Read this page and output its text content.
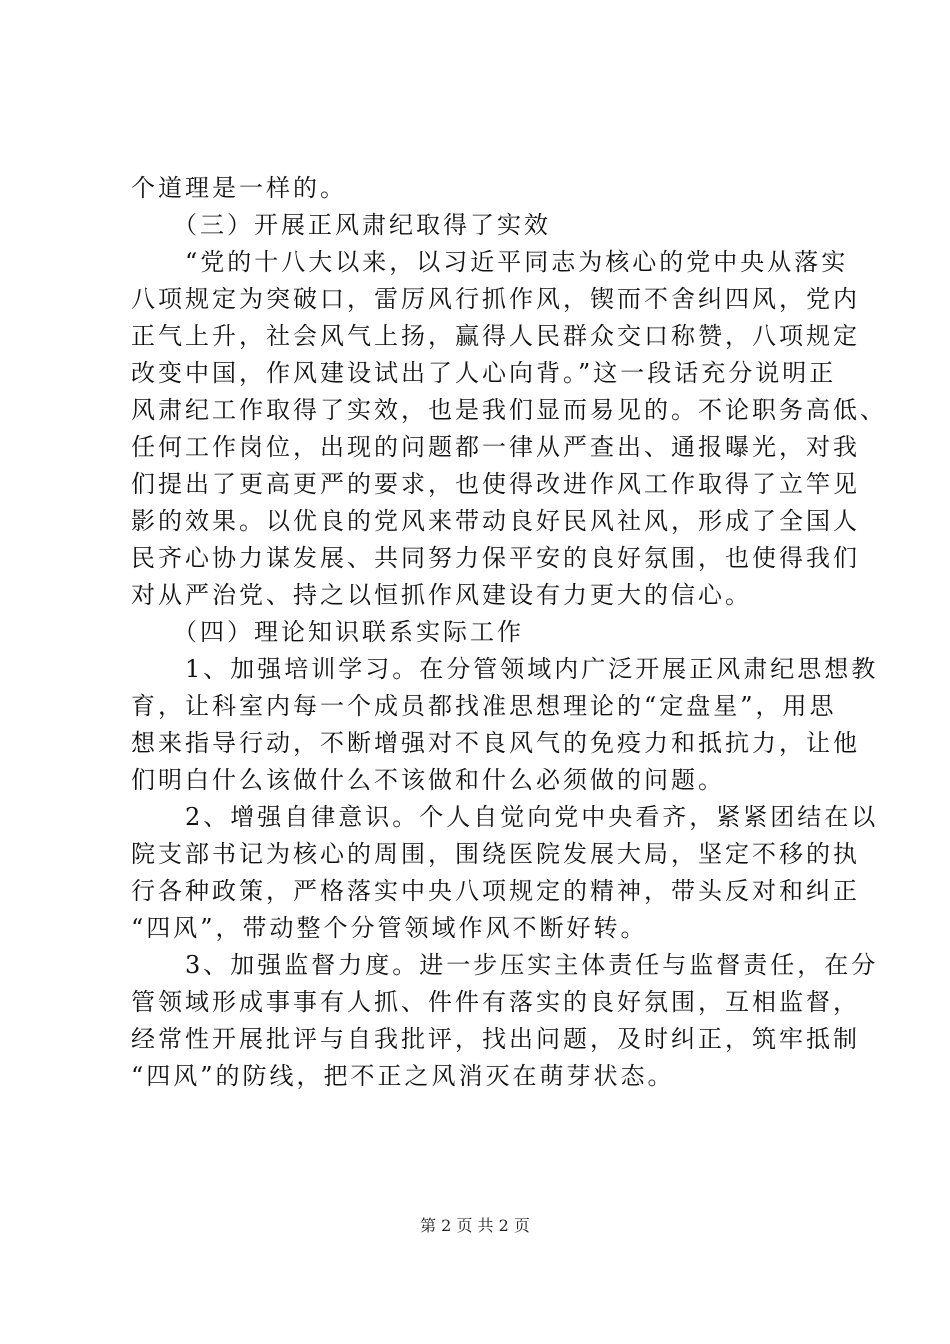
个道理是一样的。
　　（三）开展正风肃纪取得了实效
　　“党的十八大以来，以习近平同志为核心的党中央从落实
八项规定为突破口，雷厉风行抓作风，锲而不舍纠四风，党内
正气上升，社会风气上扬，赢得人民群众交口称赞，八项规定
改变中国，作风建设试出了人心向背。”这一段话充分说明正
风肃纪工作取得了实效，也是我们显而易见的。不论职务高低、
任何工作岗位，出现的问题都一律从严查出、通报曝光，对我
们提出了更高更严的要求，也使得改进作风工作取得了立竿见
影的效果。以优良的党风来带动良好民风社风，形成了全国人
民齐心协力谋发展、共同努力保平安的良好氛围，也使得我们
对从严治党、持之以恒抓作风建设有力更大的信心。
　　（四）理论知识联系实际工作
　　1、加强培训学习。在分管领域内广泛开展正风肃纪思想教
育，让科室内每一个成员都找准思想理论的“定盘星”，用思
想来指导行动，不断增强对不良风气的免疫力和抵抗力，让他
们明白什么该做什么不该做和什么必须做的问题。
　　2、增强自律意识。个人自觉向党中央看齐，紧紧团结在以
院支部书记为核心的周围，围绕医院发展大局，坚定不移的执
行各种政策，严格落实中央八项规定的精神，带头反对和纠正
“四风”，带动整个分管领域作风不断好转。
　　3、加强监督力度。进一步压实主体责任与监督责任，在分
管领域形成事事有人抓、件件有落实的良好氛围，互相监督，
经常性开展批评与自我批评，找出问题，及时纠正，筑牢抵制
“四风”的防线，把不正之风消灭在萌芽状态。
第 2 页 共 2 页
